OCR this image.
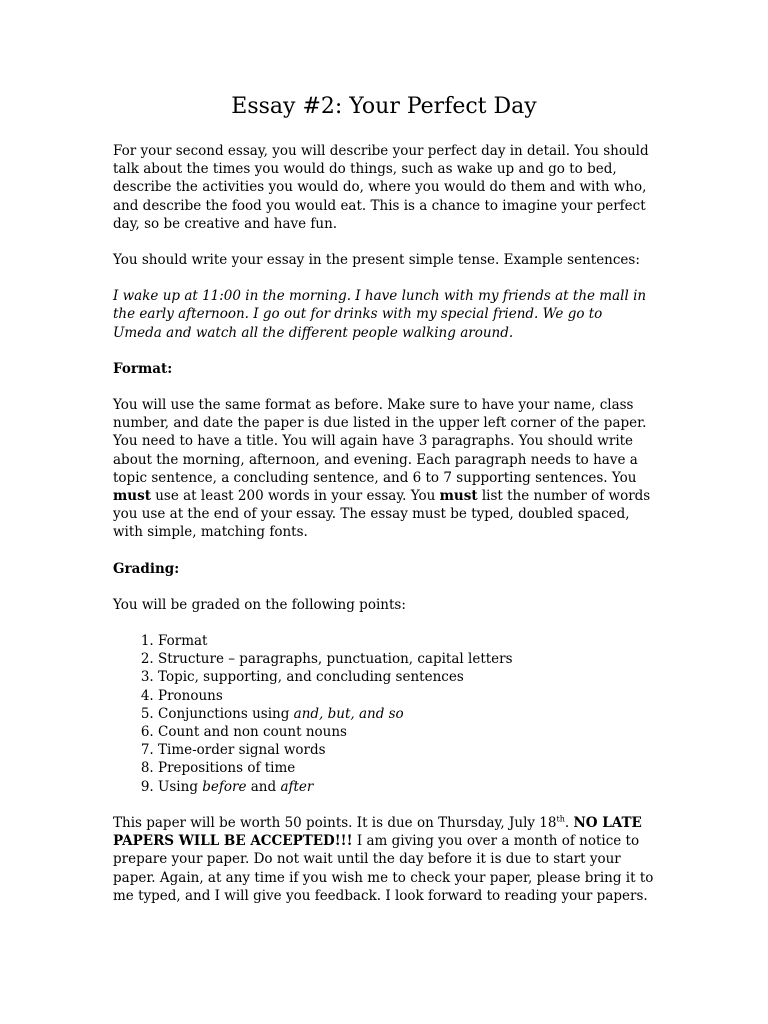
Essay #2: Your Perfect Day

For your second essay, you will describe your perfect day in detail. You should talk about the times you would do things, such as wake up and go to bed, describe the activities you would do, where you would do them and with who, and describe the food you would eat. This is a chance to imagine your perfect day, so be creative and have fun.

You should write your essay in the present simple tense. Example sentences:

I wake up at 11:00 in the morning. I have lunch with my friends at the mall in the early afternoon. I go out for drinks with my special friend. We go to Umeda and watch all the different people walking around.

Format:

You will use the same format as before. Make sure to have your name, class number, and date the paper is due listed in the upper left corner of the paper. You need to have a title. You will again have 3 paragraphs. You should write about the morning, afternoon, and evening. Each paragraph needs to have a topic sentence, a concluding sentence, and 6 to 7 supporting sentences. You must use at least 200 words in your essay. You must list the number of words you use at the end of your essay. The essay must be typed, doubled spaced, with simple, matching fonts.

Grading:

You will be graded on the following points:

1. Format
2. Structure – paragraphs, punctuation, capital letters
3. Topic, supporting, and concluding sentences
4. Pronouns
5. Conjunctions using and, but, and so
6. Count and non count nouns
7. Time-order signal words
8. Prepositions of time
9. Using before and after

This paper will be worth 50 points. It is due on Thursday, July 18th. NO LATE PAPERS WILL BE ACCEPTED!!! I am giving you over a month of notice to prepare your paper. Do not wait until the day before it is due to start your paper. Again, at any time if you wish me to check your paper, please bring it to me typed, and I will give you feedback. I look forward to reading your papers.
